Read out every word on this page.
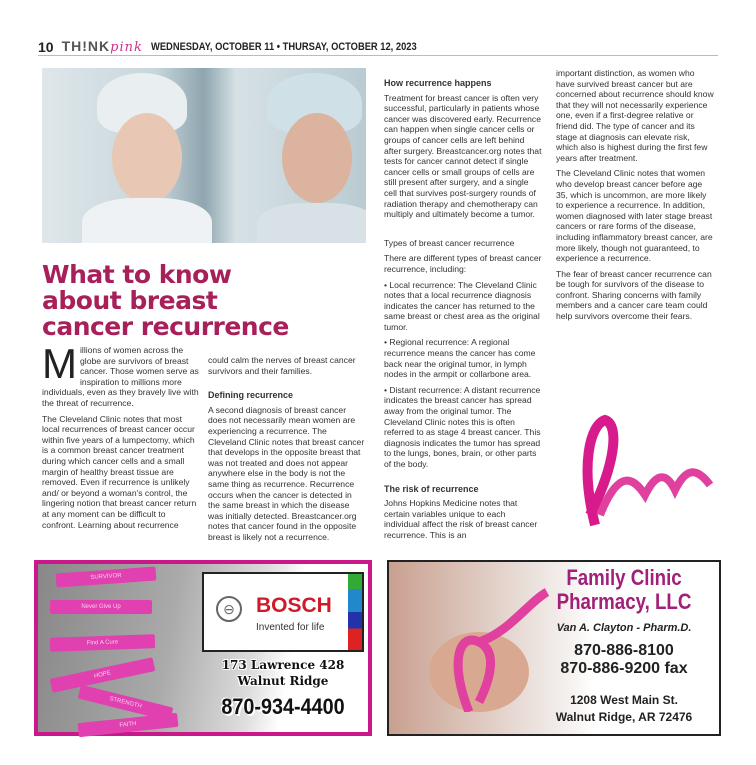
10 TH!NKpink WEDNESDAY, OCTOBER 11 • THURSAY, OCTOBER 12, 2023
What to know about breast cancer recurrence

Millions of women across the globe are survivors of breast cancer. Those women serve as inspiration to millions more individuals, even as they bravely live with the threat of recurrence.

The Cleveland Clinic notes that most local recurrences of breast cancer occur within five years of a lumpectomy, which is a common breast cancer treatment during which cancer cells and a small margin of healthy breast tissue are removed. Even if recurrence is unlikely and/ or beyond a woman's control, the lingering notion that breast cancer return at any moment can be difficult to confront. Learning about recurrence

could calm the nerves of breast cancer survivors and their families.

Defining recurrence

A second diagnosis of breast cancer does not necessarily mean women are experiencing a recurrence. The Cleveland Clinic notes that breast cancer that develops in the opposite breast that was not treated and does not appear anywhere else in the body is not the same thing as recurrence. Recurrence occurs when the cancer is detected in the same breast in which the disease was initially detected. Breastcancer.org notes that cancer found in the opposite breast is likely not a recurrence.

How recurrence happens

Treatment for breast cancer is often very successful, particularly in patients whose cancer was discovered early. Recurrence can happen when single cancer cells or groups of cancer cells are left behind after surgery. Breastcancer.org notes that tests for cancer cannot detect if single cancer cells or small groups of cells are still present after surgery, and a single cell that survives post-surgery rounds of radiation therapy and chemotherapy can multiply and ultimately become a tumor.

Types of breast cancer recurrence

There are different types of breast cancer recurrence, including:

• Local recurrence: The Cleveland Clinic notes that a local recurrence diagnosis indicates the cancer has returned to the same breast or chest area as the original tumor.

• Regional recurrence: A regional recurrence means the cancer has come back near the original tumor, in lymph nodes in the armpit or collarbone area.

• Distant recurrence: A distant recurrence indicates the breast cancer has spread away from the original tumor. The Cleveland Clinic notes this is often referred to as stage 4 breast cancer. This diagnosis indicates the tumor has spread to the lungs, bones, brain, or other parts of the body.

The risk of recurrence

Johns Hopkins Medicine notes that certain variables unique to each individual affect the risk of breast cancer recurrence. This is an

important distinction, as women who have survived breast cancer but are concerned about recurrence should know that they will not necessarily experience one, even if a first-degree relative or friend did. The type of cancer and its stage at diagnosis can elevate risk, which also is highest during the first few years after treatment.

The Cleveland Clinic notes that women who develop breast cancer before age 35, which is uncommon, are more likely to experience a recurrence. In addition, women diagnosed with later stage breast cancers or rare forms of the disease, including inflammatory breast cancer, are more likely, though not guaranteed, to experience a recurrence.

The fear of breast cancer recurrence can be tough for survivors of the disease to confront. Sharing concerns with family members and a cancer care team could help survivors overcome their fears.

SURVIVOR
Never Give Up
Find A Cure
HOPE
STRENGTH
FAITH
⊖	BOSCH
Invented for life
173 Lawrence 428
Walnut Ridge
870-934-4400
Family Clinic
Pharmacy, LLC
Van A. Clayton - Pharm.D.
870-886-8100
870-886-9200 fax
1208 West Main St.
Walnut Ridge, AR 72476
